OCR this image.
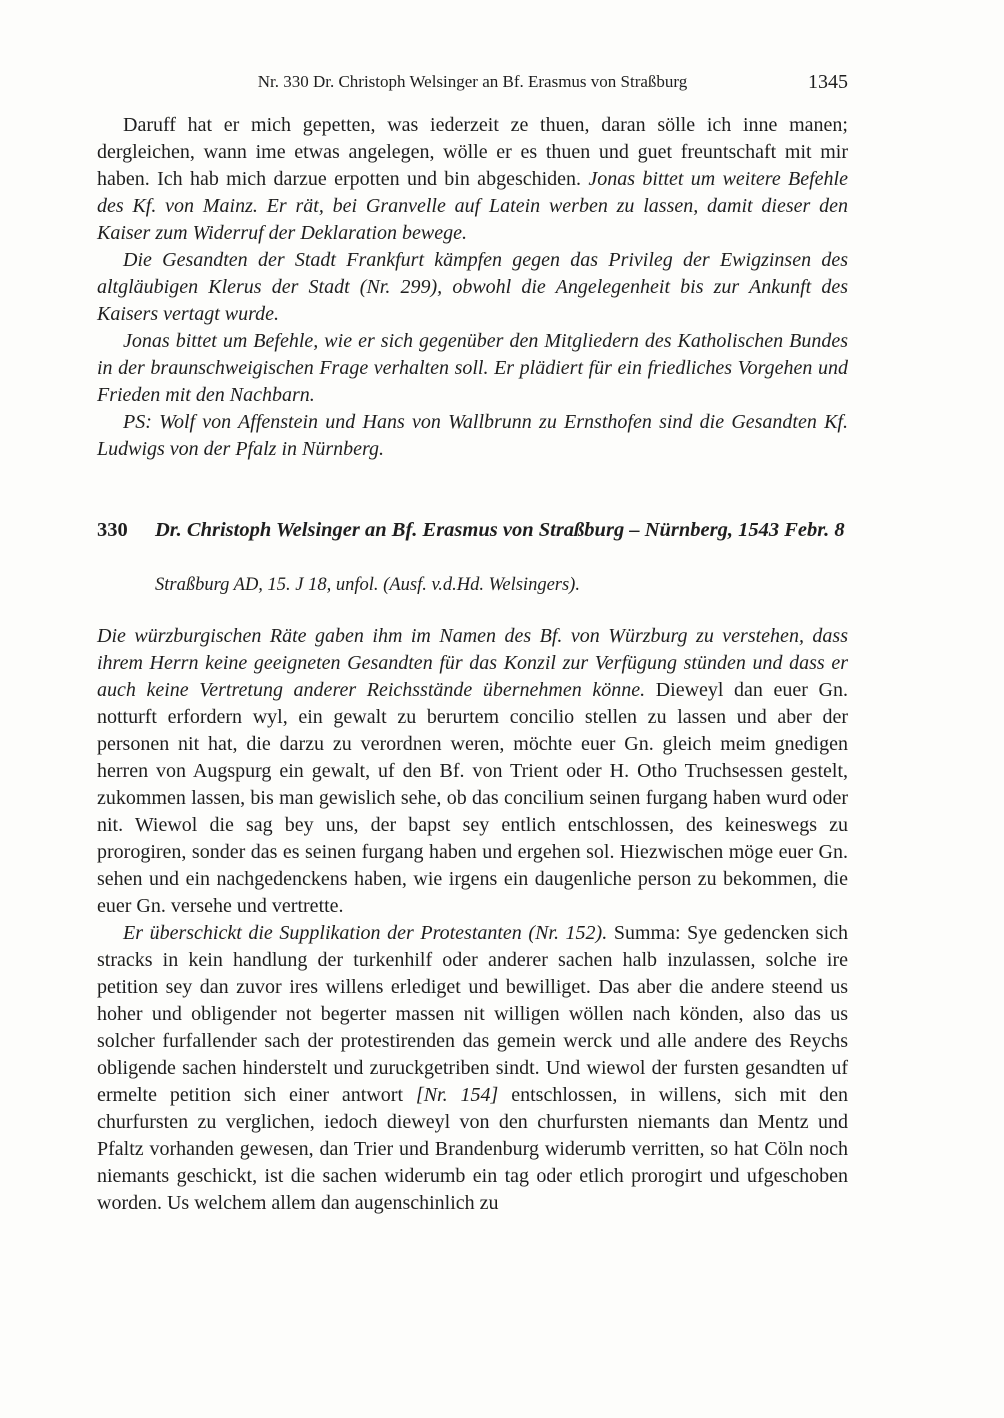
Nr. 330 Dr. Christoph Welsinger an Bf. Erasmus von Straßburg	1345

Daruff hat er mich gepetten, was iederzeit ze thuen, daran sölle ich inne manen; dergleichen, wann ime etwas angelegen, wölle er es thuen und guet freuntschaft mit mir haben. Ich hab mich darzue erpotten und bin abgeschiden. Jonas bittet um weitere Befehle des Kf. von Mainz. Er rät, bei Granvelle auf Latein werben zu lassen, damit dieser den Kaiser zum Widerruf der Deklaration bewege.

Die Gesandten der Stadt Frankfurt kämpfen gegen das Privileg der Ewigzinsen des altgläubigen Klerus der Stadt (Nr. 299), obwohl die Angelegenheit bis zur Ankunft des Kaisers vertagt wurde.

Jonas bittet um Befehle, wie er sich gegenüber den Mitgliedern des Katholischen Bundes in der braunschweigischen Frage verhalten soll. Er plädiert für ein friedliches Vorgehen und Frieden mit den Nachbarn.

PS: Wolf von Affenstein und Hans von Wallbrunn zu Ernsthofen sind die Gesandten Kf. Ludwigs von der Pfalz in Nürnberg.

330	Dr. Christoph Welsinger an Bf. Erasmus von Straßburg – Nürnberg, 1543 Febr. 8

Straßburg AD, 15. J 18, unfol. (Ausf. v.d.Hd. Welsingers).

Die würzburgischen Räte gaben ihm im Namen des Bf. von Würzburg zu verstehen, dass ihrem Herrn keine geeigneten Gesandten für das Konzil zur Verfügung stünden und dass er auch keine Vertretung anderer Reichsstände übernehmen könne. Dieweyl dan euer Gn. notturft erfordern wyl, ein gewalt zu berurtem concilio stellen zu lassen und aber der personen nit hat, die darzu zu verordnen weren, möchte euer Gn. gleich meim gnedigen herren von Augspurg ein gewalt, uf den Bf. von Trient oder H. Otho Truchsessen gestelt, zukommen lassen, bis man gewislich sehe, ob das concilium seinen furgang haben wurd oder nit. Wiewol die sag bey uns, der bapst sey entlich entschlossen, des keineswegs zu prorogiren, sonder das es seinen furgang haben und ergehen sol. Hiezwischen möge euer Gn. sehen und ein nachgedenckens haben, wie irgens ein daugenliche person zu bekommen, die euer Gn. versehe und vertrette.

Er überschickt die Supplikation der Protestanten (Nr. 152). Summa: Sye gedencken sich stracks in kein handlung der turkenhilf oder anderer sachen halb inzulassen, solche ire petition sey dan zuvor ires willens erlediget und bewilliget. Das aber die andere steend us hoher und obligender not begerter massen nit willigen wöllen nach könden, also das us solcher furfallender sach der protestirenden das gemein werck und alle andere des Reychs obligende sachen hinderstelt und zuruckgetriben sindt. Und wiewol der fursten gesandten uf ermelte petition sich einer antwort [Nr. 154] entschlossen, in willens, sich mit den churfursten zu verglichen, iedoch dieweyl von den churfursten niemants dan Mentz und Pfaltz vorhanden gewesen, dan Trier und Brandenburg widerumb verritten, so hat Cöln noch niemants geschickt, ist die sachen widerumb ein tag oder etlich prorogirt und ufgeschoben worden. Us welchem allem dan augenschinlich zu
